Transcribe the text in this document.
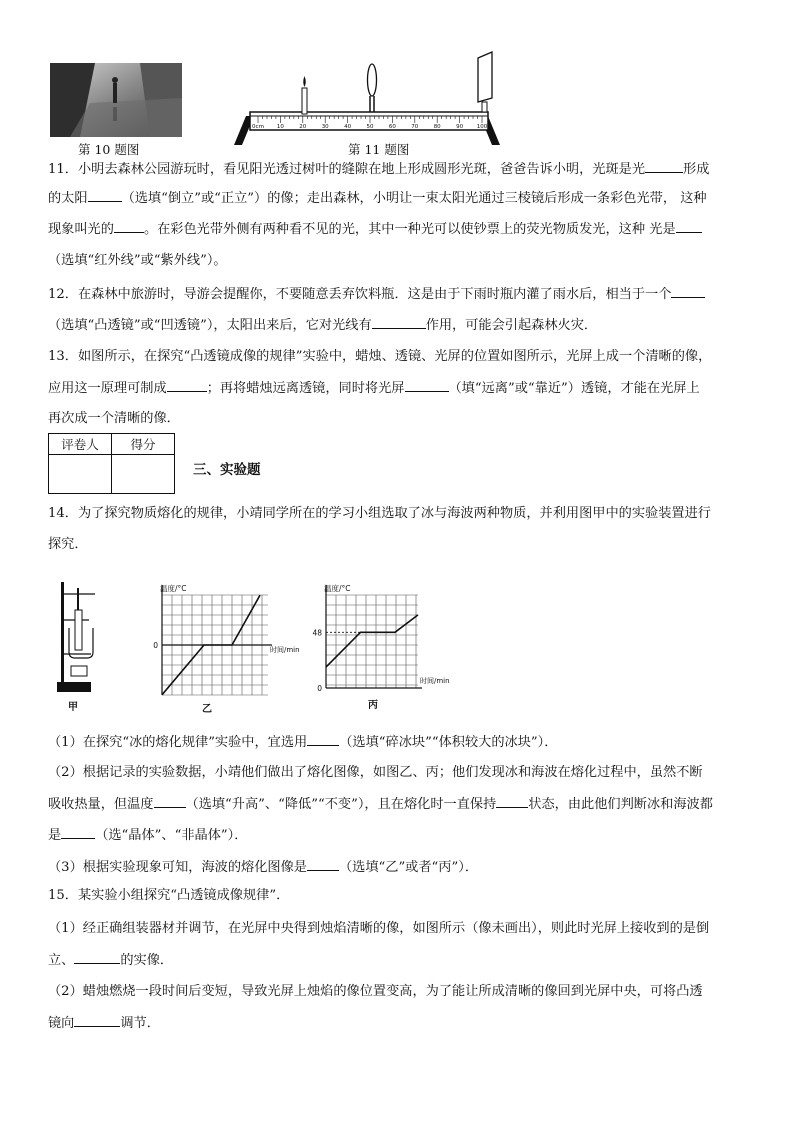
第 10 题图
0cm 10	20	30	40	50	60	70	80	90 100
第 11 题图
11．小明去森林公园游玩时，看见阳光透过树叶的缝隙在地上形成圆形光斑，爸爸告诉小明，光斑是光	形成
的太阳	（选填“倒立”或“正立”）的像；走出森林，小明让一束太阳光通过三棱镜后形成一条彩色光带， 这种
现象叫光的 。在彩色光带外侧有两种看不见的光，其中一种光可以使钞票上的荧光物质发光，这种 光是
（选填“红外线”或“紫外线”）。
12．在森林中旅游时，导游会提醒你，不要随意丢弃饮料瓶．这是由于下雨时瓶内灌了雨水后，相当于一个
（选填“凸透镜”或“凹透镜”），太阳出来后，它对光线有	作用，可能会引起森林火灾．
13．如图所示，在探究“凸透镜成像的规律”实验中，蜡烛、透镜、光屏的位置如图所示，光屏上成一个清晰的像，
应用这一原理可制成	；再将蜡烛远离透镜，同时将光屏	（填“远离”或“靠近”）透镜，才能在光屏上
再次成一个清晰的像．
评卷人	得分

三、实验题
14．为了探究物质熔化的规律，小靖同学所在的学习小组选取了冰与海波两种物质，并利用图甲中的实验装置进行
探究．
甲
温度/°C
时间/min
0
乙
温度/°C
时间/min
48
0
丙
（1）在探究“冰的熔化规律”实验中，宜选用 （选填“碎冰块”“体积较大的冰块”）．
（2）根据记录的实验数据，小靖他们做出了熔化图像，如图乙、丙；他们发现冰和海波在熔化过程中，虽然不断
吸收热量，但温度 （选填“升高”、“降低”“不变”），且在熔化时一直保持 状态，由此他们判断冰和海波都
是	（选“晶体”、“非晶体”）．
（3）根据实验现象可知，海波的熔化图像是 （选填“乙”或者“丙”）．
15．某实验小组探究“凸透镜成像规律”．
（1）经正确组装器材并调节，在光屏中央得到烛焰清晰的像，如图所示（像未画出），则此时光屏上接收到的是倒
立、	的实像．
（2）蜡烛燃烧一段时间后变短，导致光屏上烛焰的像位置变高，为了能让所成清晰的像回到光屏中央，可将凸透
镜向	调节．
